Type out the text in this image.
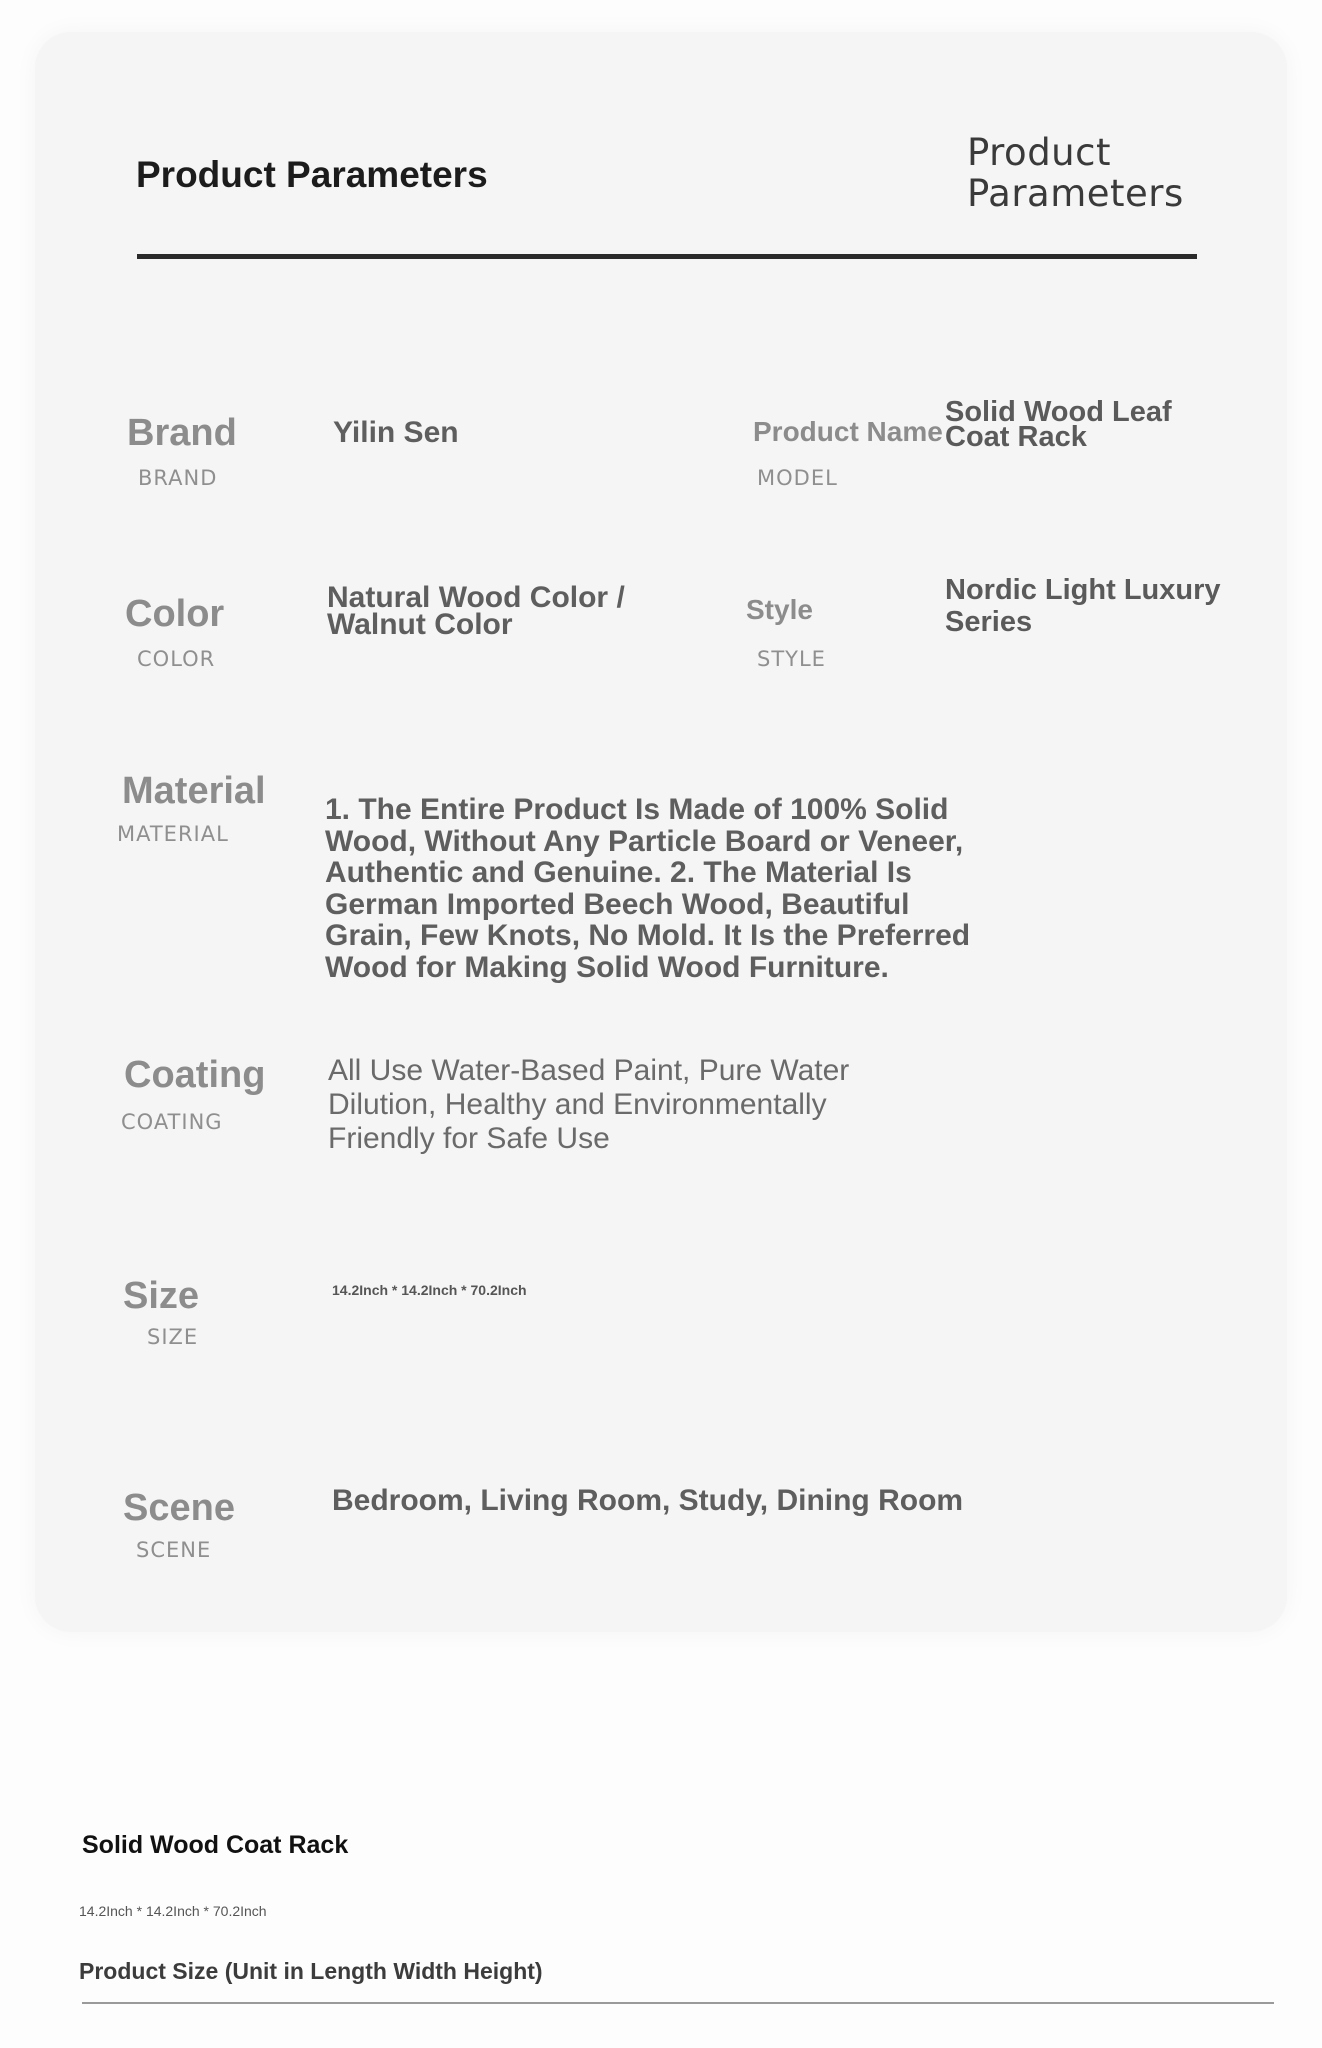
Product Parameters
Product Parameters
Brand
BRAND
Yilin Sen	Product Name
MODEL
Solid Wood Leaf Coat Rack
Color
COLOR
Natural Wood Color / Walnut Color	Style
STYLE
Nordic Light Luxury Series
Material
MATERIAL
1. The Entire Product Is Made of 100% Solid Wood, Without Any Particle Board or Veneer, Authentic and Genuine. 2. The Material Is German Imported Beech Wood, Beautiful Grain, Few Knots, No Mold. It Is the Preferred Wood for Making Solid Wood Furniture.
Coating
COATING
All Use Water-Based Paint, Pure Water Dilution, Healthy and Environmentally Friendly for Safe Use
Size
SIZE
14.2Inch * 14.2Inch * 70.2Inch
Scene
SCENE
Bedroom, Living Room, Study, Dining Room
Solid Wood Coat Rack
14.2Inch * 14.2Inch * 70.2Inch
Product Size (Unit in Length Width Height)
